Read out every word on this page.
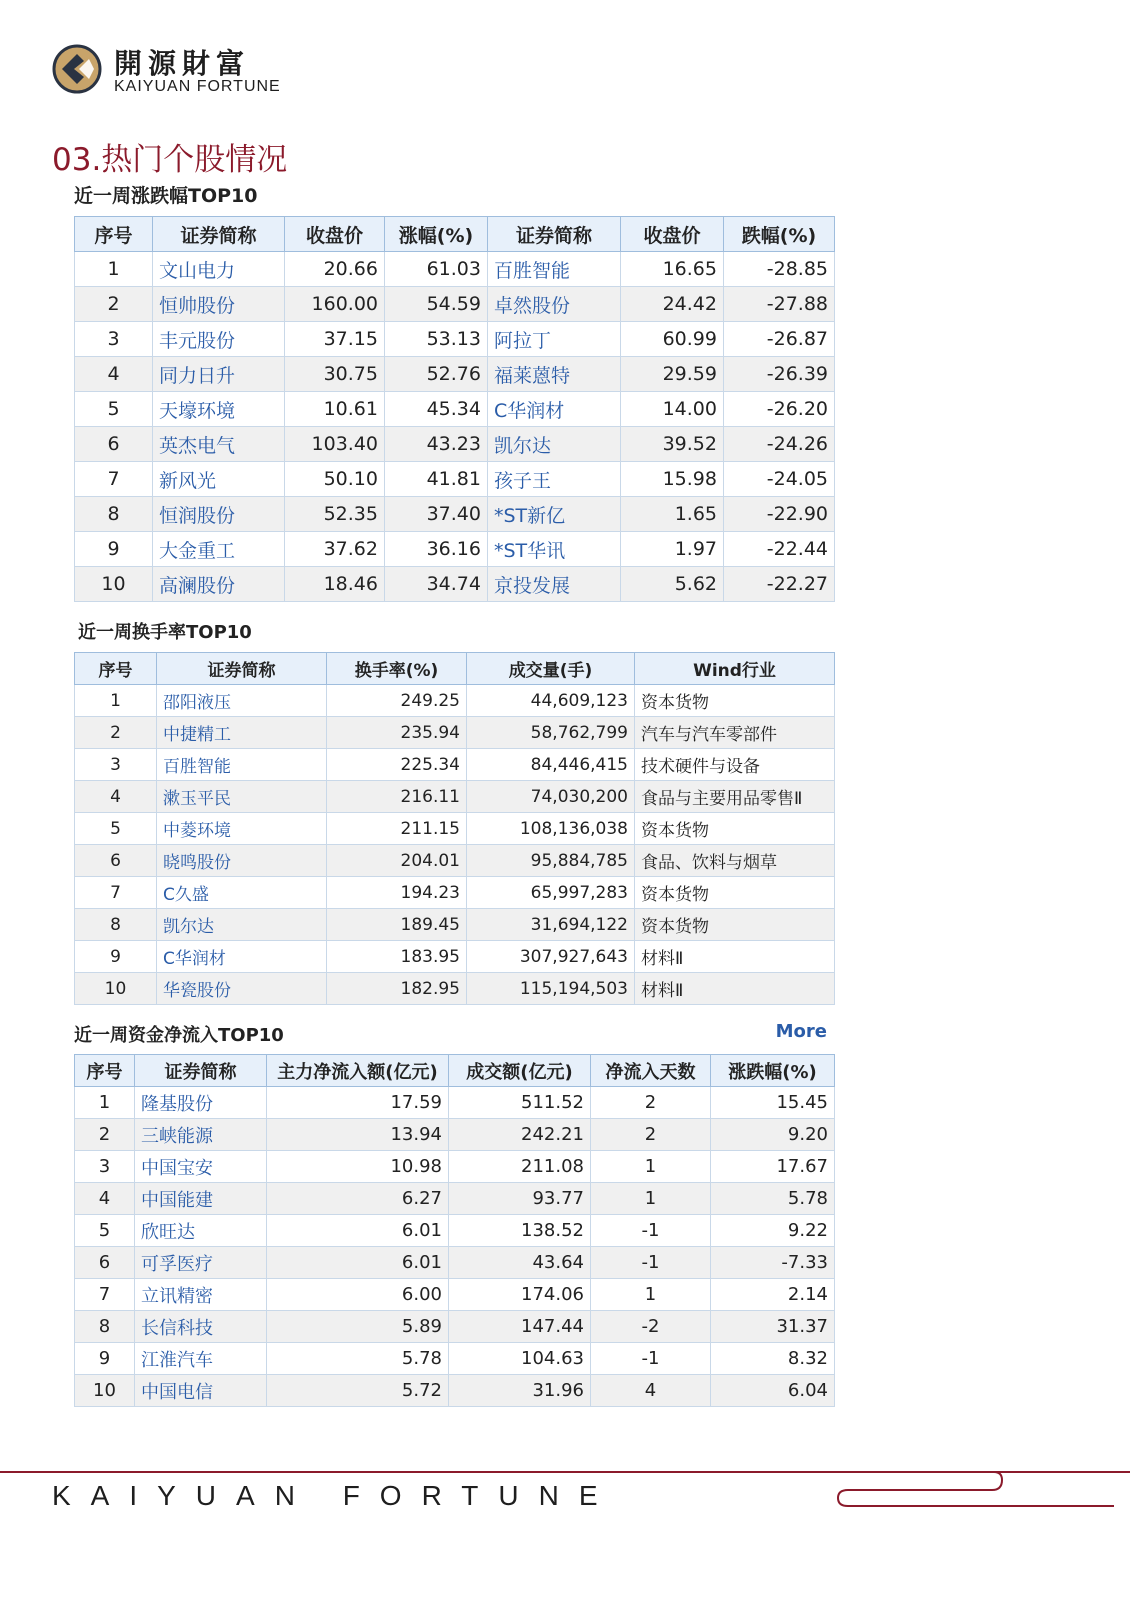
開源財富
KAIYUAN FORTUNE
03.热门个股情况
近一周涨跌幅TOP10
序号	证券简称	收盘价	涨幅(%)	证券简称	收盘价	跌幅(%)
1	文山电力	20.66	61.03	百胜智能	16.65	-28.85
2	恒帅股份	160.00	54.59	卓然股份	24.42	-27.88
3	丰元股份	37.15	53.13	阿拉丁	60.99	-26.87
4	同力日升	30.75	52.76	福莱蒽特	29.59	-26.39
5	天壕环境	10.61	45.34	C华润材	14.00	-26.20
6	英杰电气	103.40	43.23	凯尔达	39.52	-24.26
7	新风光	50.10	41.81	孩子王	15.98	-24.05
8	恒润股份	52.35	37.40	*ST新亿	1.65	-22.90
9	大金重工	37.62	36.16	*ST华讯	1.97	-22.44
10	高澜股份	18.46	34.74	京投发展	5.62	-22.27
近一周换手率TOP10
序号	证券简称	换手率(%)	成交量(手)	Wind行业
1	邵阳液压	249.25	44,609,123	资本货物
2	中捷精工	235.94	58,762,799	汽车与汽车零部件
3	百胜智能	225.34	84,446,415	技术硬件与设备
4	漱玉平民	216.11	74,030,200	食品与主要用品零售Ⅱ
5	中菱环境	211.15	108,136,038	资本货物
6	晓鸣股份	204.01	95,884,785	食品、饮料与烟草
7	C久盛	194.23	65,997,283	资本货物
8	凯尔达	189.45	31,694,122	资本货物
9	C华润材	183.95	307,927,643	材料Ⅱ
10	华瓷股份	182.95	115,194,503	材料Ⅱ
近一周资金净流入TOP10	More
序号	证券简称	主力净流入额(亿元)	成交额(亿元)	净流入天数	涨跌幅(%)
1	隆基股份	17.59	511.52	2	15.45
2	三峡能源	13.94	242.21	2	9.20
3	中国宝安	10.98	211.08	1	17.67
4	中国能建	6.27	93.77	1	5.78
5	欣旺达	6.01	138.52	-1	9.22
6	可孚医疗	6.01	43.64	-1	-7.33
7	立讯精密	6.00	174.06	1	2.14
8	长信科技	5.89	147.44	-2	31.37
9	江淮汽车	5.78	104.63	-1	8.32
10	中国电信	5.72	31.96	4	6.04
KAIYUAN FORTUNE
